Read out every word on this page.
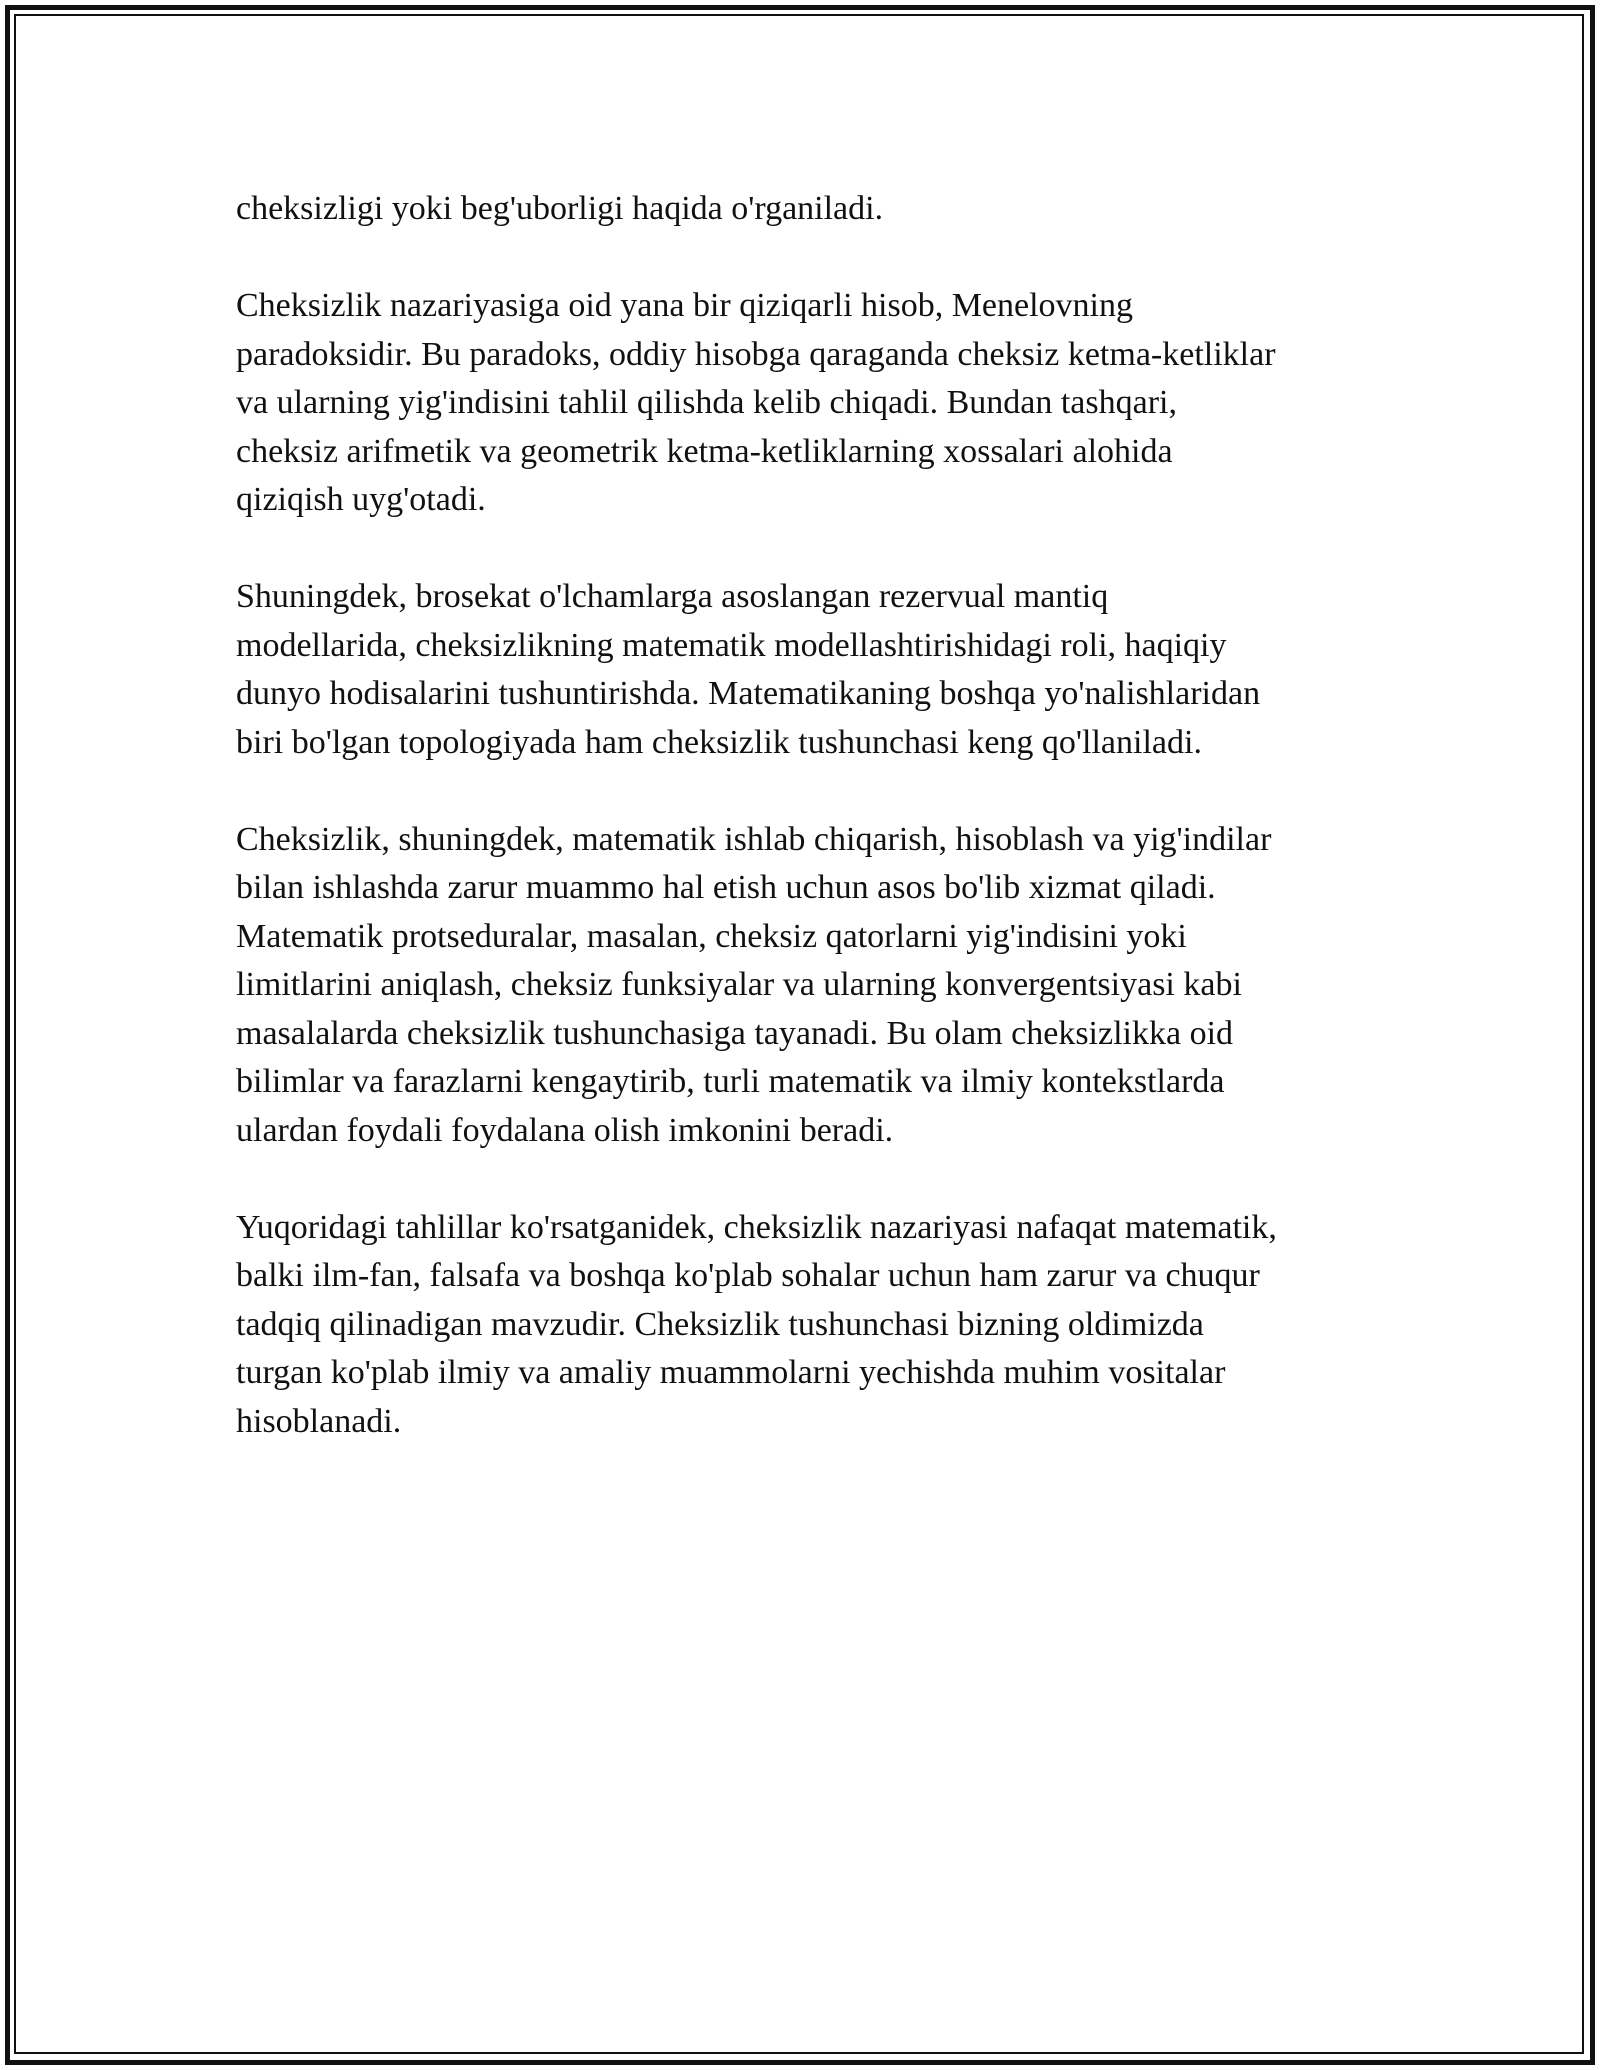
cheksizligi yoki beg'uborligi haqida o'rganiladi.

Cheksizlik nazariyasiga oid yana bir qiziqarli hisob, Menelovning
paradoksidir. Bu paradoks, oddiy hisobga qaraganda cheksiz ketma-ketliklar
va ularning yig'indisini tahlil qilishda kelib chiqadi. Bundan tashqari,
cheksiz arifmetik va geometrik ketma-ketliklarning xossalari alohida
qiziqish uyg'otadi.

Shuningdek, brosekat o'lchamlarga asoslangan rezervual mantiq
modellarida, cheksizlikning matematik modellashtirishidagi roli, haqiqiy
dunyo hodisalarini tushuntirishda. Matematikaning boshqa yo'nalishlaridan
biri bo'lgan topologiyada ham cheksizlik tushunchasi keng qo'llaniladi.

Cheksizlik, shuningdek, matematik ishlab chiqarish, hisoblash va yig'indilar
bilan ishlashda zarur muammo hal etish uchun asos bo'lib xizmat qiladi.
Matematik protseduralar, masalan, cheksiz qatorlarni yig'indisini yoki
limitlarini aniqlash, cheksiz funksiyalar va ularning konvergentsiyasi kabi
masalalarda cheksizlik tushunchasiga tayanadi. Bu olam cheksizlikka oid
bilimlar va farazlarni kengaytirib, turli matematik va ilmiy kontekstlarda
ulardan foydali foydalana olish imkonini beradi.

Yuqoridagi tahlillar ko'rsatganidek, cheksizlik nazariyasi nafaqat matematik,
balki ilm-fan, falsafa va boshqa ko'plab sohalar uchun ham zarur va chuqur
tadqiq qilinadigan mavzudir. Cheksizlik tushunchasi bizning oldimizda
turgan ko'plab ilmiy va amaliy muammolarni yechishda muhim vositalar
hisoblanadi.
